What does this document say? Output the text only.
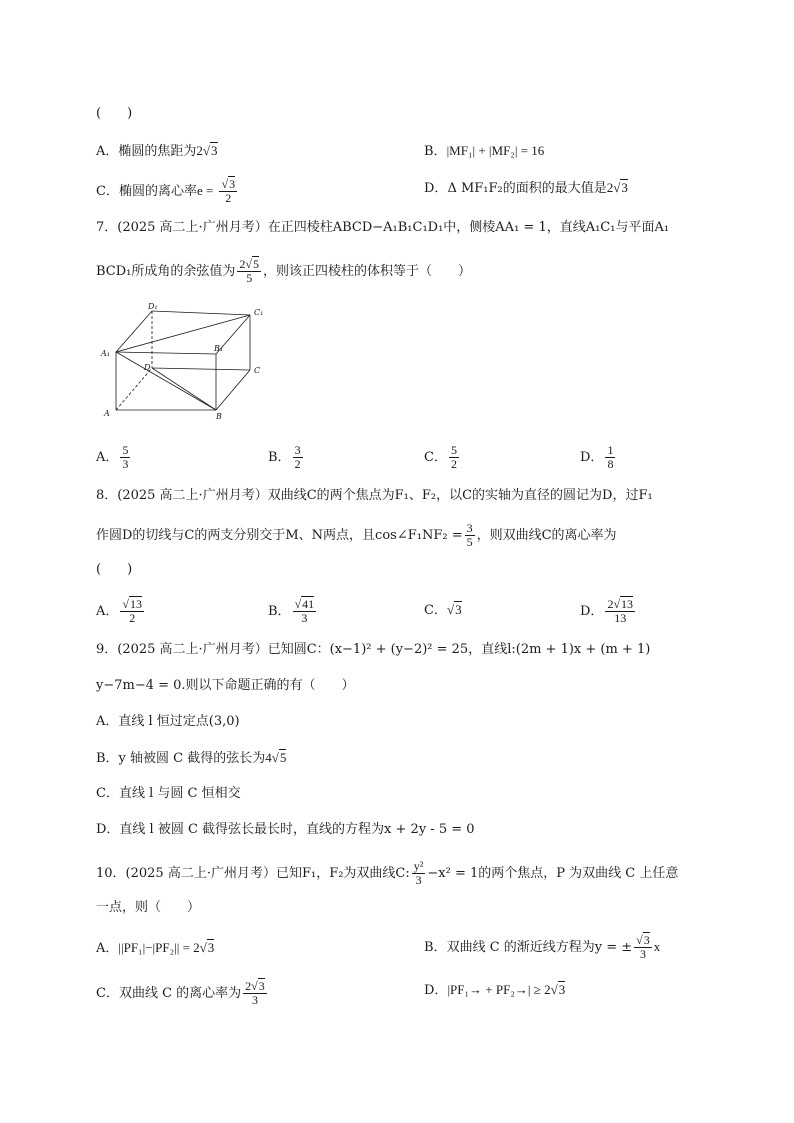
(　　)
A．椭圆的焦距为2 √ 3	B．|MF₁| + |MF₂| = 16
C．椭圆的离心率e = √ $\frac{3}{2}$	D．Δ MF₁F₂的面积的最大值是2 √ 3
7．(2025 高二上·广州月考）在正四棱柱ABCD−A₁B₁C₁D₁中，侧棱AA₁ = 1，直线A₁C₁与平面A₁
BCD₁所成角的余弦值为 $\frac{2 √ 5}{5}$ ，则该正四棱柱的体积等于（　　）
D₁
C₁
A₁
B₁
D	C
A	B
A． $\frac{5}{3}$	B． $\frac{3}{2}$	C． $\frac{5}{2}$	D． $\frac{1}{8}$
8．(2025 高二上·广州月考）双曲线C的两个焦点为F₁、F₂，以C的实轴为直径的圆记为D，过F₁
作圆D的切线与C的两支分别交于M、N两点，且cos∠F₁NF₂ = $\frac{3}{5}$ ，则双曲线C的离心率为
(　　)
A． √ $\frac{13}{2}$	B． √ $\frac{41}{3}$	C． √ 3	D． $\frac{2 √ 13}{13}$
9．(2025 高二上·广州月考）已知圆C：(x−1)² + (y−2)² = 25，直线l:(2m + 1)x + (m + 1)
y−7m−4 = 0.则以下命题正确的有（　　）
A．直线 l 恒过定点(3,0)
B．y 轴被圆 C 截得的弦长为4 √ 5
C．直线 l 与圆 C 恒相交
D．直线 l 被圆 C 截得弦长最长时，直线的方程为x + 2y - 5 = 0
10．(2025 高二上·广州月考）已知F₁，F₂为双曲线C: $\frac{\text{y²}}{3} -x^2 = 1$的两个焦点，P 为双曲线 C 上任意
一点，则（　　）
A．||PF₁|−|PF₂|| = 2 √ 3	B．双曲线 C 的渐近线方程为y = ± √ $\frac{3}{3}$ x
C．双曲线 C 的离心率为 $\frac{2 √ 3}{3}$	D．|PF₁→ + PF₂→| ≥ 2 √ 3
